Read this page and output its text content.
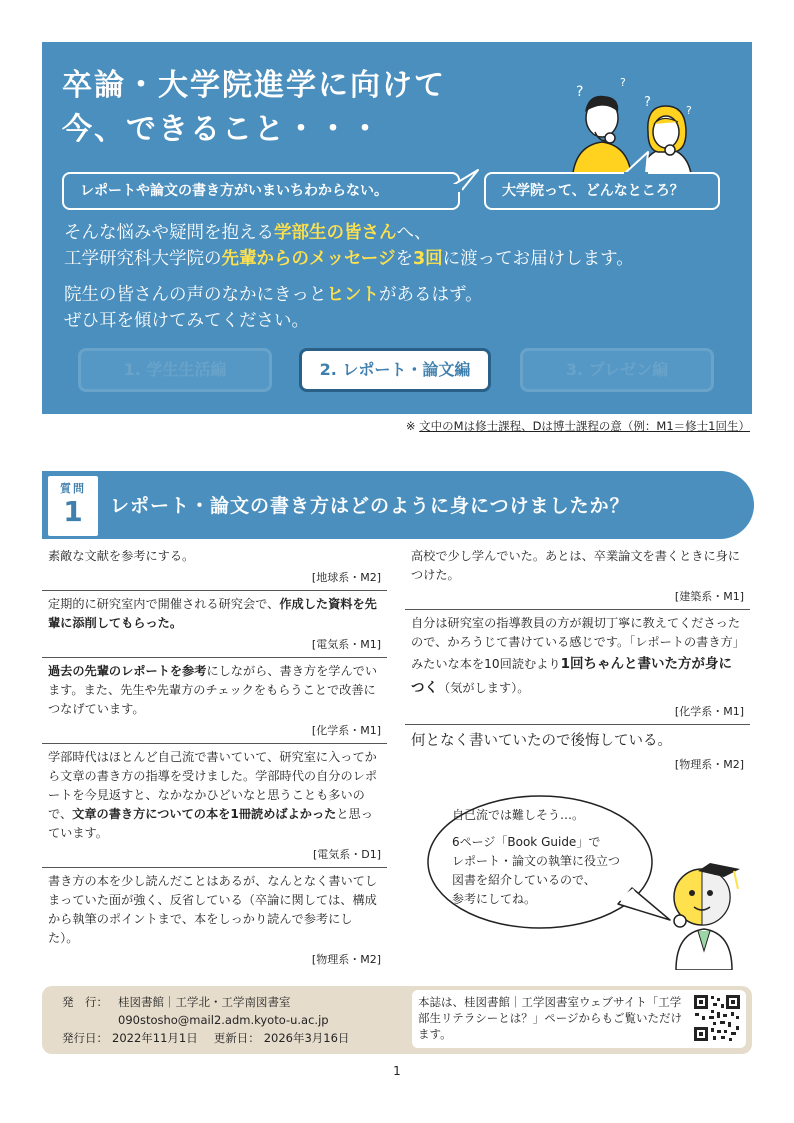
卒論・大学院進学に向けて
今、できること・・・
?
?
?
?
レポートや論文の書き方がいまいちわからない。	大学院って、どんなところ？
そんな悩みや疑問を抱える学部生の皆さんへ、
工学研究科大学院の先輩からのメッセージを3回に渡ってお届けします。
院生の皆さんの声のなかにきっとヒントがあるはず。
ぜひ耳を傾けてみてください。
1. 学生生活編	2. レポート・論文編	3. プレゼン編
※ 文中のMは修士課程、Dは博士課程の意（例：M1＝修士1回生）
質問
1	レポート・論文の書き方はどのように身につけましたか？
素敵な文献を参考にする。
[地球系・M2]
定期的に研究室内で開催される研究会で、作成した資料を先輩に添削してもらった。
[電気系・M1]
過去の先輩のレポートを参考にしながら、書き方を学んでいます。また、先生や先輩方のチェックをもらうことで改善につなげています。
[化学系・M1]
学部時代はほとんど自己流で書いていて、研究室に入ってから文章の書き方の指導を受けました。学部時代の自分のレポートを今見返すと、なかなかひどいなと思うことも多いので、文章の書き方についての本を1冊読めばよかったと思っています。
[電気系・D1]
書き方の本を少し読んだことはあるが、なんとなく書いてしまっていた面が強く、反省している（卒論に関しては、構成から執筆のポイントまで、本をしっかり読んで参考にした）。
[物理系・M2]
高校で少し学んでいた。あとは、卒業論文を書くときに身につけた。
[建築系・M1]
自分は研究室の指導教員の方が親切丁寧に教えてくださったので、かろうじて書けている感じです。「レポートの書き方」みたいな本を10回読むより1回ちゃんと書いた方が身につく（気がします）。
[化学系・M1]
何となく書いていたので後悔している。
[物理系・M2]
自己流では難しそう…。
6ページ「Book Guide」で
レポート・論文の執筆に役立つ
図書を紹介しているので、
参考にしてね。
発　行： 桂図書館｜工学北・工学南図書室
090stosho@mail2.adm.kyoto-u.ac.jp
発行日： 2022年11月1日 更新日： 2026年3月16日
本誌は、桂図書館｜工学図書室ウェブサイト「工学部生リテラシーとは？」ページからもご覧いただけます。
1
